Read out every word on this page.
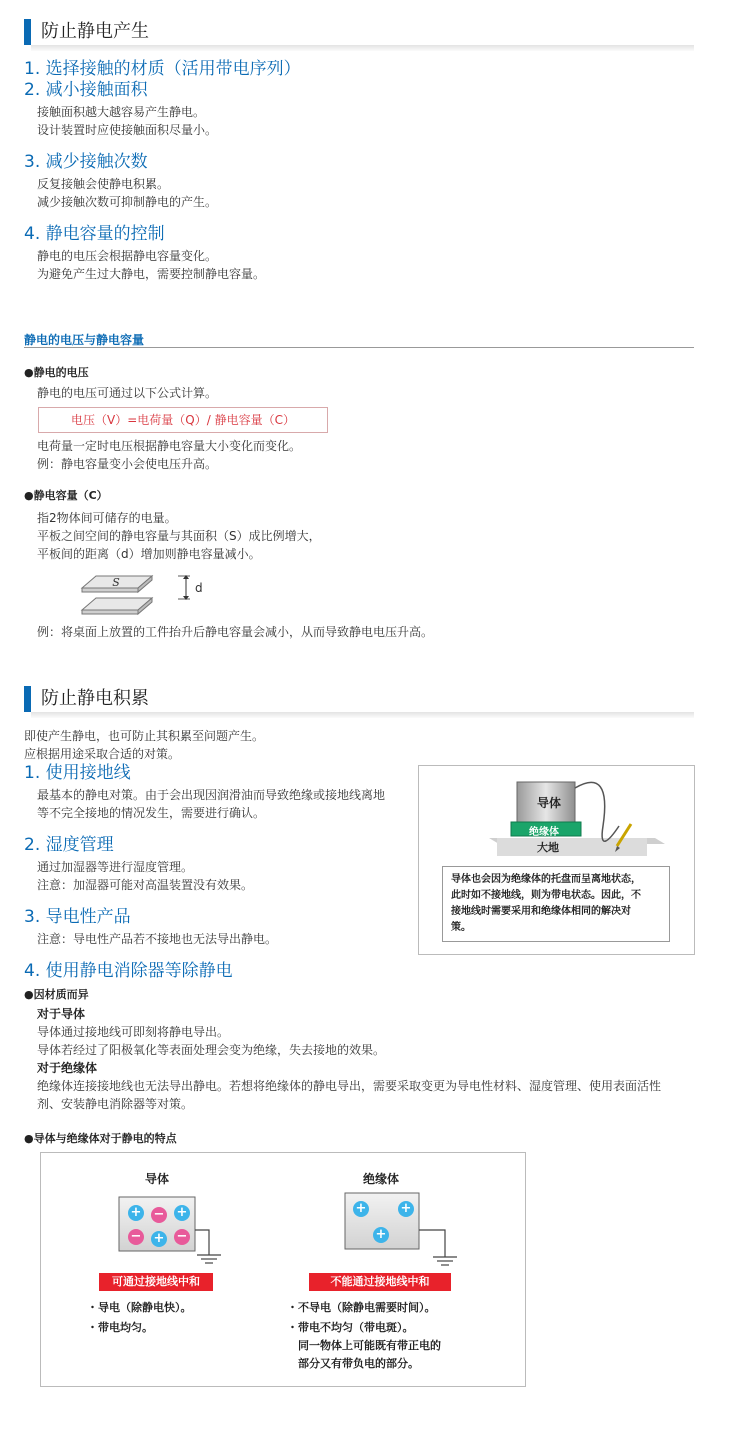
防止静电产生
1. 选择接触的材质（活用带电序列）
2. 减小接触面积
接触面积越大越容易产生静电。
设计装置时应使接触面积尽量小。
3. 减少接触次数
反复接触会使静电积累。
减少接触次数可抑制静电的产生。
4. 静电容量的控制
静电的电压会根据静电容量变化。
为避免产生过大静电，需要控制静电容量。
静电的电压与静电容量
●静电的电压
静电的电压可通过以下公式计算。
电压（V）=电荷量（Q）/ 静电容量（C）
电荷量一定时电压根据静电容量大小变化而变化。
例：静电容量变小会使电压升高。
●静电容量（C）
指2物体间可储存的电量。
平板之间空间的静电容量与其面积（S）成比例增大，
平板间的距离（d）增加则静电容量减小。
S	d
例：将桌面上放置的工件抬升后静电容量会减小，从而导致静电电压升高。
防止静电积累
即使产生静电，也可防止其积累至问题产生。
应根据用途采取合适的对策。
1. 使用接地线
最基本的静电对策。由于会出现因润滑油而导致绝缘或接地线离地
等不完全接地的情况发生，需要进行确认。
2. 湿度管理
通过加湿器等进行湿度管理。
注意：加湿器可能对高温装置没有效果。
3. 导电性产品
注意：导电性产品若不接地也无法导出静电。
4. 使用静电消除器等除静电
导体
绝缘体
大地
导体也会因为绝缘体的托盘而呈离地状态，
此时如不接地线，则为带电状态。因此，不
接地线时需要采用和绝缘体相同的解决对
策。
●因材质而异
对于导体
导体通过接地线可即刻将静电导出。
导体若经过了阳极氧化等表面处理会变为绝缘，失去接地的效果。
对于绝缘体
绝缘体连接接地线也无法导出静电。若想将绝缘体的静电导出，需要采取变更为导电性材料、湿度管理、使用表面活性
剂、安装静电消除器等对策。
●导体与绝缘体对于静电的特点
导体	绝缘体
+ − +
− + −
+	+
+
可通过接地线中和	不能通过接地线中和
・导电（除静电快）。
・带电均匀。
・不导电（除静电需要时间）。
・带电不均匀（带电斑）。
　同一物体上可能既有带正电的
　部分又有带负电的部分。
